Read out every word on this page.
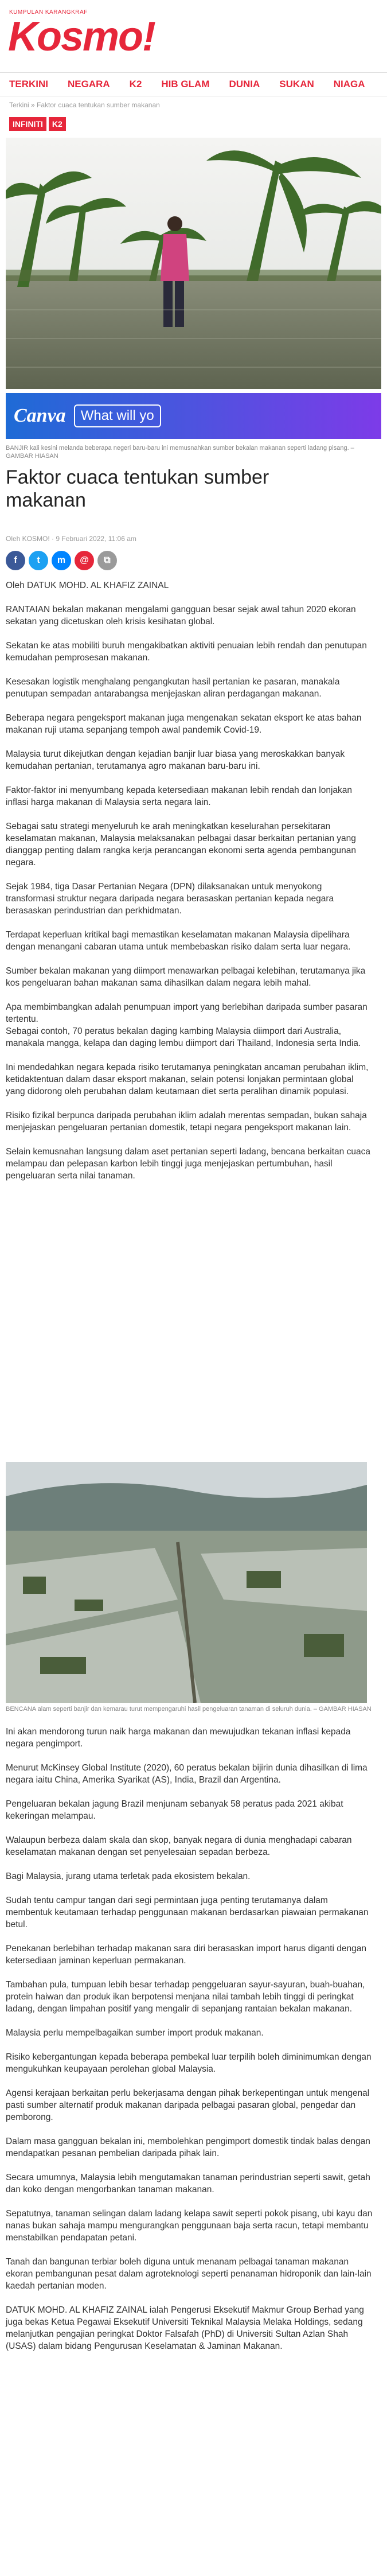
KUMPULAN KARANGKRAF
Kosmo!
TERKINI NEGARA K2 HIB GLAM DUNIA SUKAN NIAGA
Terkini » Faktor cuaca tentukan sumber makanan
INFINITI	K2
Canva	What will yo
BANJIR kali kesini melanda beberapa negeri baru-baru ini memusnahkan sumber bekalan makanan seperti ladang pisang. – GAMBAR HIASAN
Faktor cuaca tentukan sumber makanan
Oleh KOSMO! · 9 Februari 2022, 11:06 am
f	t	m	@	⧉

Oleh DATUK MOHD. AL KHAFIZ ZAINAL

RANTAIAN bekalan makanan mengalami gangguan besar sejak awal tahun 2020 ekoran sekatan yang dicetuskan oleh krisis kesihatan global.

Sekatan ke atas mobiliti buruh mengakibatkan aktiviti penuaian lebih rendah dan penutupan kemudahan pemprosesan makanan.

Kesesakan logistik menghalang pengangkutan hasil pertanian ke pasaran, manakala penutupan sempadan antarabangsa menjejaskan aliran perdagangan makanan.

Beberapa negara pengeksport makanan juga mengenakan sekatan eksport ke atas bahan makanan ruji utama sepanjang tempoh awal pandemik Covid-19.

Malaysia turut dikejutkan dengan kejadian banjir luar biasa yang meroskakkan banyak kemudahan pertanian, terutamanya agro makanan baru-baru ini.

Faktor-faktor ini menyumbang kepada ketersediaan makanan lebih rendah dan lonjakan inflasi harga makanan di Malaysia serta negara lain.

Sebagai satu strategi menyeluruh ke arah meningkatkan keselurahan persekitaran keselamatan makanan, Malaysia melaksanakan pelbagai dasar berkaitan pertanian yang dianggap penting dalam rangka kerja perancangan ekonomi serta agenda pembangunan negara.

Sejak 1984, tiga Dasar Pertanian Negara (DPN) dilaksanakan untuk menyokong transformasi struktur negara daripada negara berasaskan pertanian kepada negara berasaskan perindustrian dan perkhidmatan.

Terdapat keperluan kritikal bagi memastikan keselamatan makanan Malaysia dipelihara dengan menangani cabaran utama untuk membebaskan risiko dalam serta luar negara.

Sumber bekalan makanan yang diimport menawarkan pelbagai kelebihan, terutamanya jika kos pengeluaran bahan makanan sama dihasilkan dalam negara lebih mahal.

Apa membimbangkan adalah penumpuan import yang berlebihan daripada sumber pasaran tertentu.
Sebagai contoh, 70 peratus bekalan daging kambing Malaysia diimport dari Australia, manakala mangga, kelapa dan daging lembu diimport dari Thailand, Indonesia serta India.

Ini mendedahkan negara kepada risiko terutamanya peningkatan ancaman perubahan iklim, ketidaktentuan dalam dasar eksport makanan, selain potensi lonjakan permintaan global yang didorong oleh perubahan dalam keutamaan diet serta peralihan dinamik populasi.

Risiko fizikal berpunca daripada perubahan iklim adalah merentas sempadan, bukan sahaja menjejaskan pengeluaran pertanian domestik, tetapi negara pengeksport makanan lain.

Selain kemusnahan langsung dalam aset pertanian seperti ladang, bencana berkaitan cuaca melampau dan pelepasan karbon lebih tinggi juga menjejaskan pertumbuhan, hasil pengeluaran serta nilai tanaman.

BENCANA alam seperti banjir dan kemarau turut mempengaruhi hasil pengeluaran tanaman di seluruh dunia. – GAMBAR HIASAN

Ini akan mendorong turun naik harga makanan dan mewujudkan tekanan inflasi kepada negara pengimport.

Menurut McKinsey Global Institute (2020), 60 peratus bekalan bijirin dunia dihasilkan di lima negara iaitu China, Amerika Syarikat (AS), India, Brazil dan Argentina.

Pengeluaran bekalan jagung Brazil menjunam sebanyak 58 peratus pada 2021 akibat kekeringan melampau.

Walaupun berbeza dalam skala dan skop, banyak negara di dunia menghadapi cabaran keselamatan makanan dengan set penyelesaian sepadan berbeza.

Bagi Malaysia, jurang utama terletak pada ekosistem bekalan.

Sudah tentu campur tangan dari segi permintaan juga penting terutamanya dalam membentuk keutamaan terhadap penggunaan makanan berdasarkan piawaian permakanan betul.

Penekanan berlebihan terhadap makanan sara diri berasaskan import harus diganti dengan ketersediaan jaminan keperluan permakanan.

Tambahan pula, tumpuan lebih besar terhadap penggeluaran sayur-sayuran, buah-buahan, protein haiwan dan produk ikan berpotensi menjana nilai tambah lebih tinggi di peringkat ladang, dengan limpahan positif yang mengalir di sepanjang rantaian bekalan makanan.

Malaysia perlu mempelbagaikan sumber import produk makanan.

Risiko kebergantungan kepada beberapa pembekal luar terpilih boleh diminimumkan dengan mengukuhkan keupayaan perolehan global Malaysia.

Agensi kerajaan berkaitan perlu bekerjasama dengan pihak berkepentingan untuk mengenal pasti sumber alternatif produk makanan daripada pelbagai pasaran global, pengedar dan pemborong.

Dalam masa gangguan bekalan ini, membolehkan pengimport domestik tindak balas dengan mendapatkan pesanan pembelian daripada pihak lain.

Secara umumnya, Malaysia lebih mengutamakan tanaman perindustrian seperti sawit, getah dan koko dengan mengorbankan tanaman makanan.

Sepatutnya, tanaman selingan dalam ladang kelapa sawit seperti pokok pisang, ubi kayu dan nanas bukan sahaja mampu mengurangkan penggunaan baja serta racun, tetapi membantu menstabilkan pendapatan petani.

Tanah dan bangunan terbiar boleh diguna untuk menanam pelbagai tanaman makanan ekoran pembangunan pesat dalam agroteknologi seperti penanaman hidroponik dan lain-lain kaedah pertanian moden.

DATUK MOHD. AL KHAFIZ ZAINAL ialah Pengerusi Eksekutif Makmur Group Berhad yang juga bekas Ketua Pegawai Eksekutif Universiti Teknikal Malaysia Melaka Holdings, sedang melanjutkan pengajian peringkat Doktor Falsafah (PhD) di Universiti Sultan Azlan Shah (USAS) dalam bidang Pengurusan Keselamatan & Jaminan Makanan.
